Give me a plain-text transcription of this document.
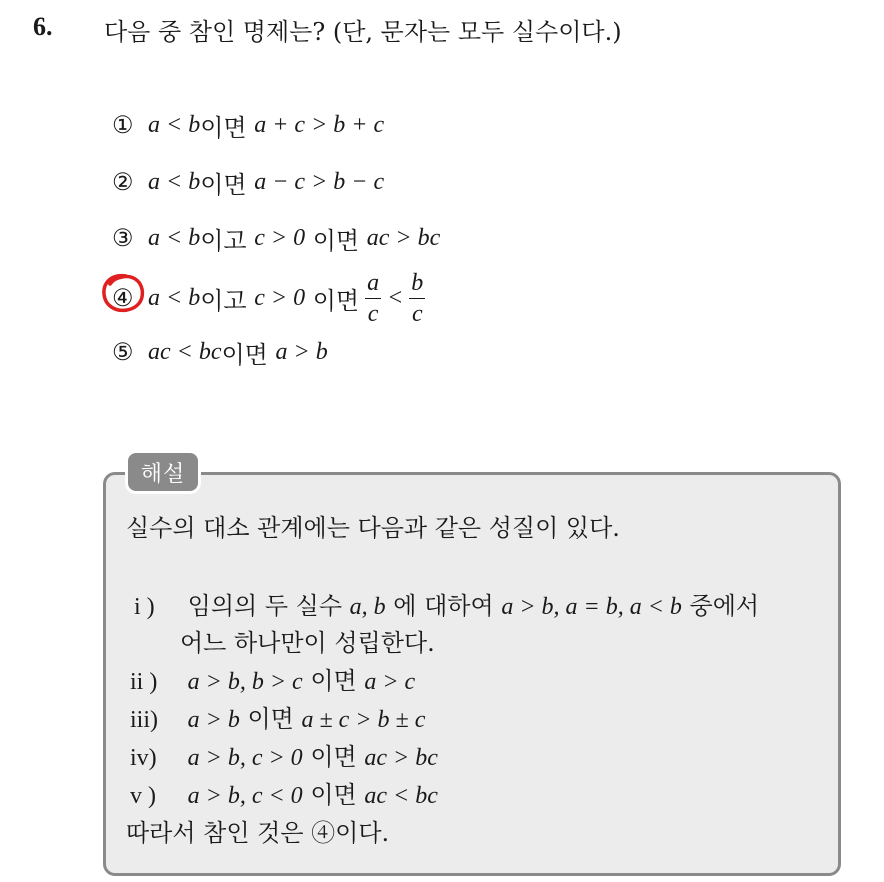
6. 다음 중 참인 명제는? (단, 문자는 모두 실수이다.)
① a < b 이면
a + c > b + c
② a < b 이면
a − c > b − c
③ a < b 이고
c > 0
이면
ac > bc
④ a < b 이고
c > 0
이면 $\frac{a}{c} < \frac{b}{c}$
⑤ ac < bc 이면
a > b
해설
실수의 대소 관계에는 다음과 같은 성질이 있다.
i ) 임의의 두 실수 a, b 에 대하여 a > b, a = b, a < b 중에서
어느 하나만이 성립한다.
ii ) a > b, b > c 이면 a > c
iii) a > b 이면 a ± c > b ± c
iv) a > b, c > 0 이면 ac > bc
v ) a > b, c < 0 이면 ac < bc
따라서 참인 것은 ④이다.
